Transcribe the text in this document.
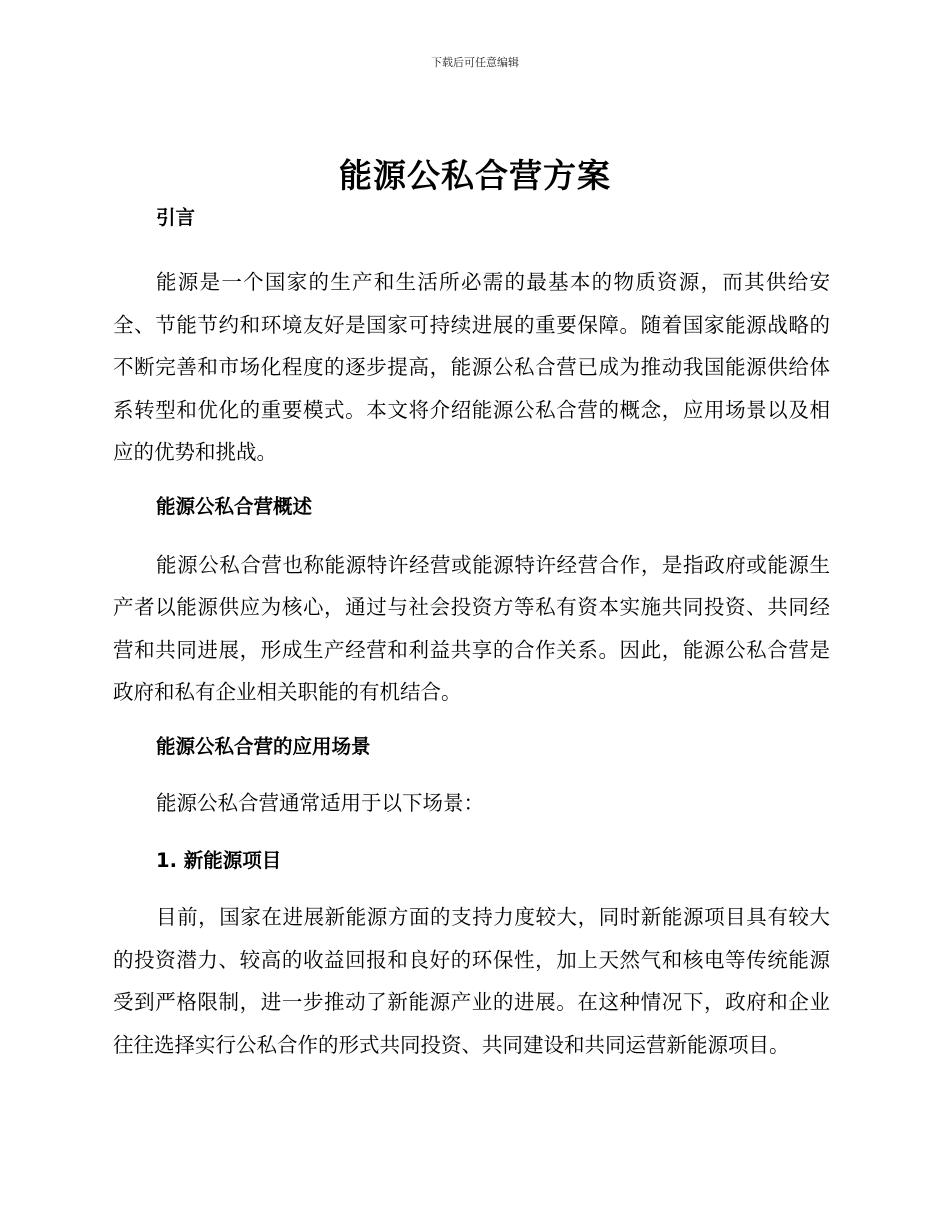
下载后可任意编辑
能源公私合营方案

引言

能源是一个国家的生产和生活所必需的最基本的物质资源，而其供给安全、节能节约和环境友好是国家可持续进展的重要保障。随着国家能源战略的不断完善和市场化程度的逐步提高，能源公私合营已成为推动我国能源供给体系转型和优化的重要模式。本文将介绍能源公私合营的概念，应用场景以及相应的优势和挑战。

能源公私合营概述

能源公私合营也称能源特许经营或能源特许经营合作，是指政府或能源生产者以能源供应为核心，通过与社会投资方等私有资本实施共同投资、共同经营和共同进展，形成生产经营和利益共享的合作关系。因此，能源公私合营是政府和私有企业相关职能的有机结合。

能源公私合营的应用场景

能源公私合营通常适用于以下场景：

1. 新能源项目

目前，国家在进展新能源方面的支持力度较大，同时新能源项目具有较大的投资潜力、较高的收益回报和良好的环保性，加上天然气和核电等传统能源受到严格限制，进一步推动了新能源产业的进展。在这种情况下，政府和企业往往选择实行公私合作的形式共同投资、共同建设和共同运营新能源项目。
